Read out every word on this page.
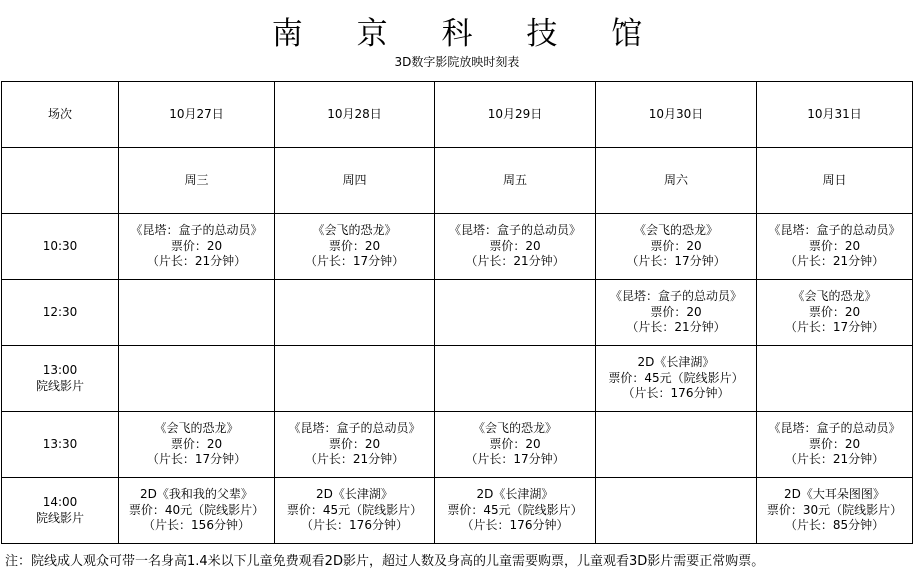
南 京 科 技 馆
3D数字影院放映时刻表
场次	10月27日	10月28日	10月29日	10月30日	10月31日
	周三	周四	周五	周六	周日

10:30	《昆塔：盒子的总动员》
票价：20
（片长：21分钟）	《会飞的恐龙》
票价：20
（片长：17分钟）	《昆塔：盒子的总动员》
票价：20
（片长：21分钟）	《会飞的恐龙》
票价：20
（片长：17分钟）	《昆塔：盒子的总动员》
票价：20
（片长：21分钟）

12:30				《昆塔：盒子的总动员》
票价：20
（片长：21分钟）	《会飞的恐龙》
票价：20
（片长：17分钟）

13:00
院线影片				2D《长津湖》
票价：45元（院线影片）
（片长：176分钟）	

13:30	《会飞的恐龙》
票价：20
（片长：17分钟）	《昆塔：盒子的总动员》
票价：20
（片长：21分钟）	《会飞的恐龙》
票价：20
（片长：17分钟）		《昆塔：盒子的总动员》
票价：20
（片长：21分钟）

14:00
院线影片	2D《我和我的父辈》
票价：40元（院线影片）
（片长：156分钟）	2D《长津湖》
票价：45元（院线影片）
（片长：176分钟）	2D《长津湖》
票价：45元（院线影片）
（片长：176分钟）		2D《大耳朵图图》
票价：30元（院线影片）
（片长：85分钟）
注：院线成人观众可带一名身高1.4米以下儿童免费观看2D影片，超过人数及身高的儿童需要购票，儿童观看3D影片需要正常购票。
